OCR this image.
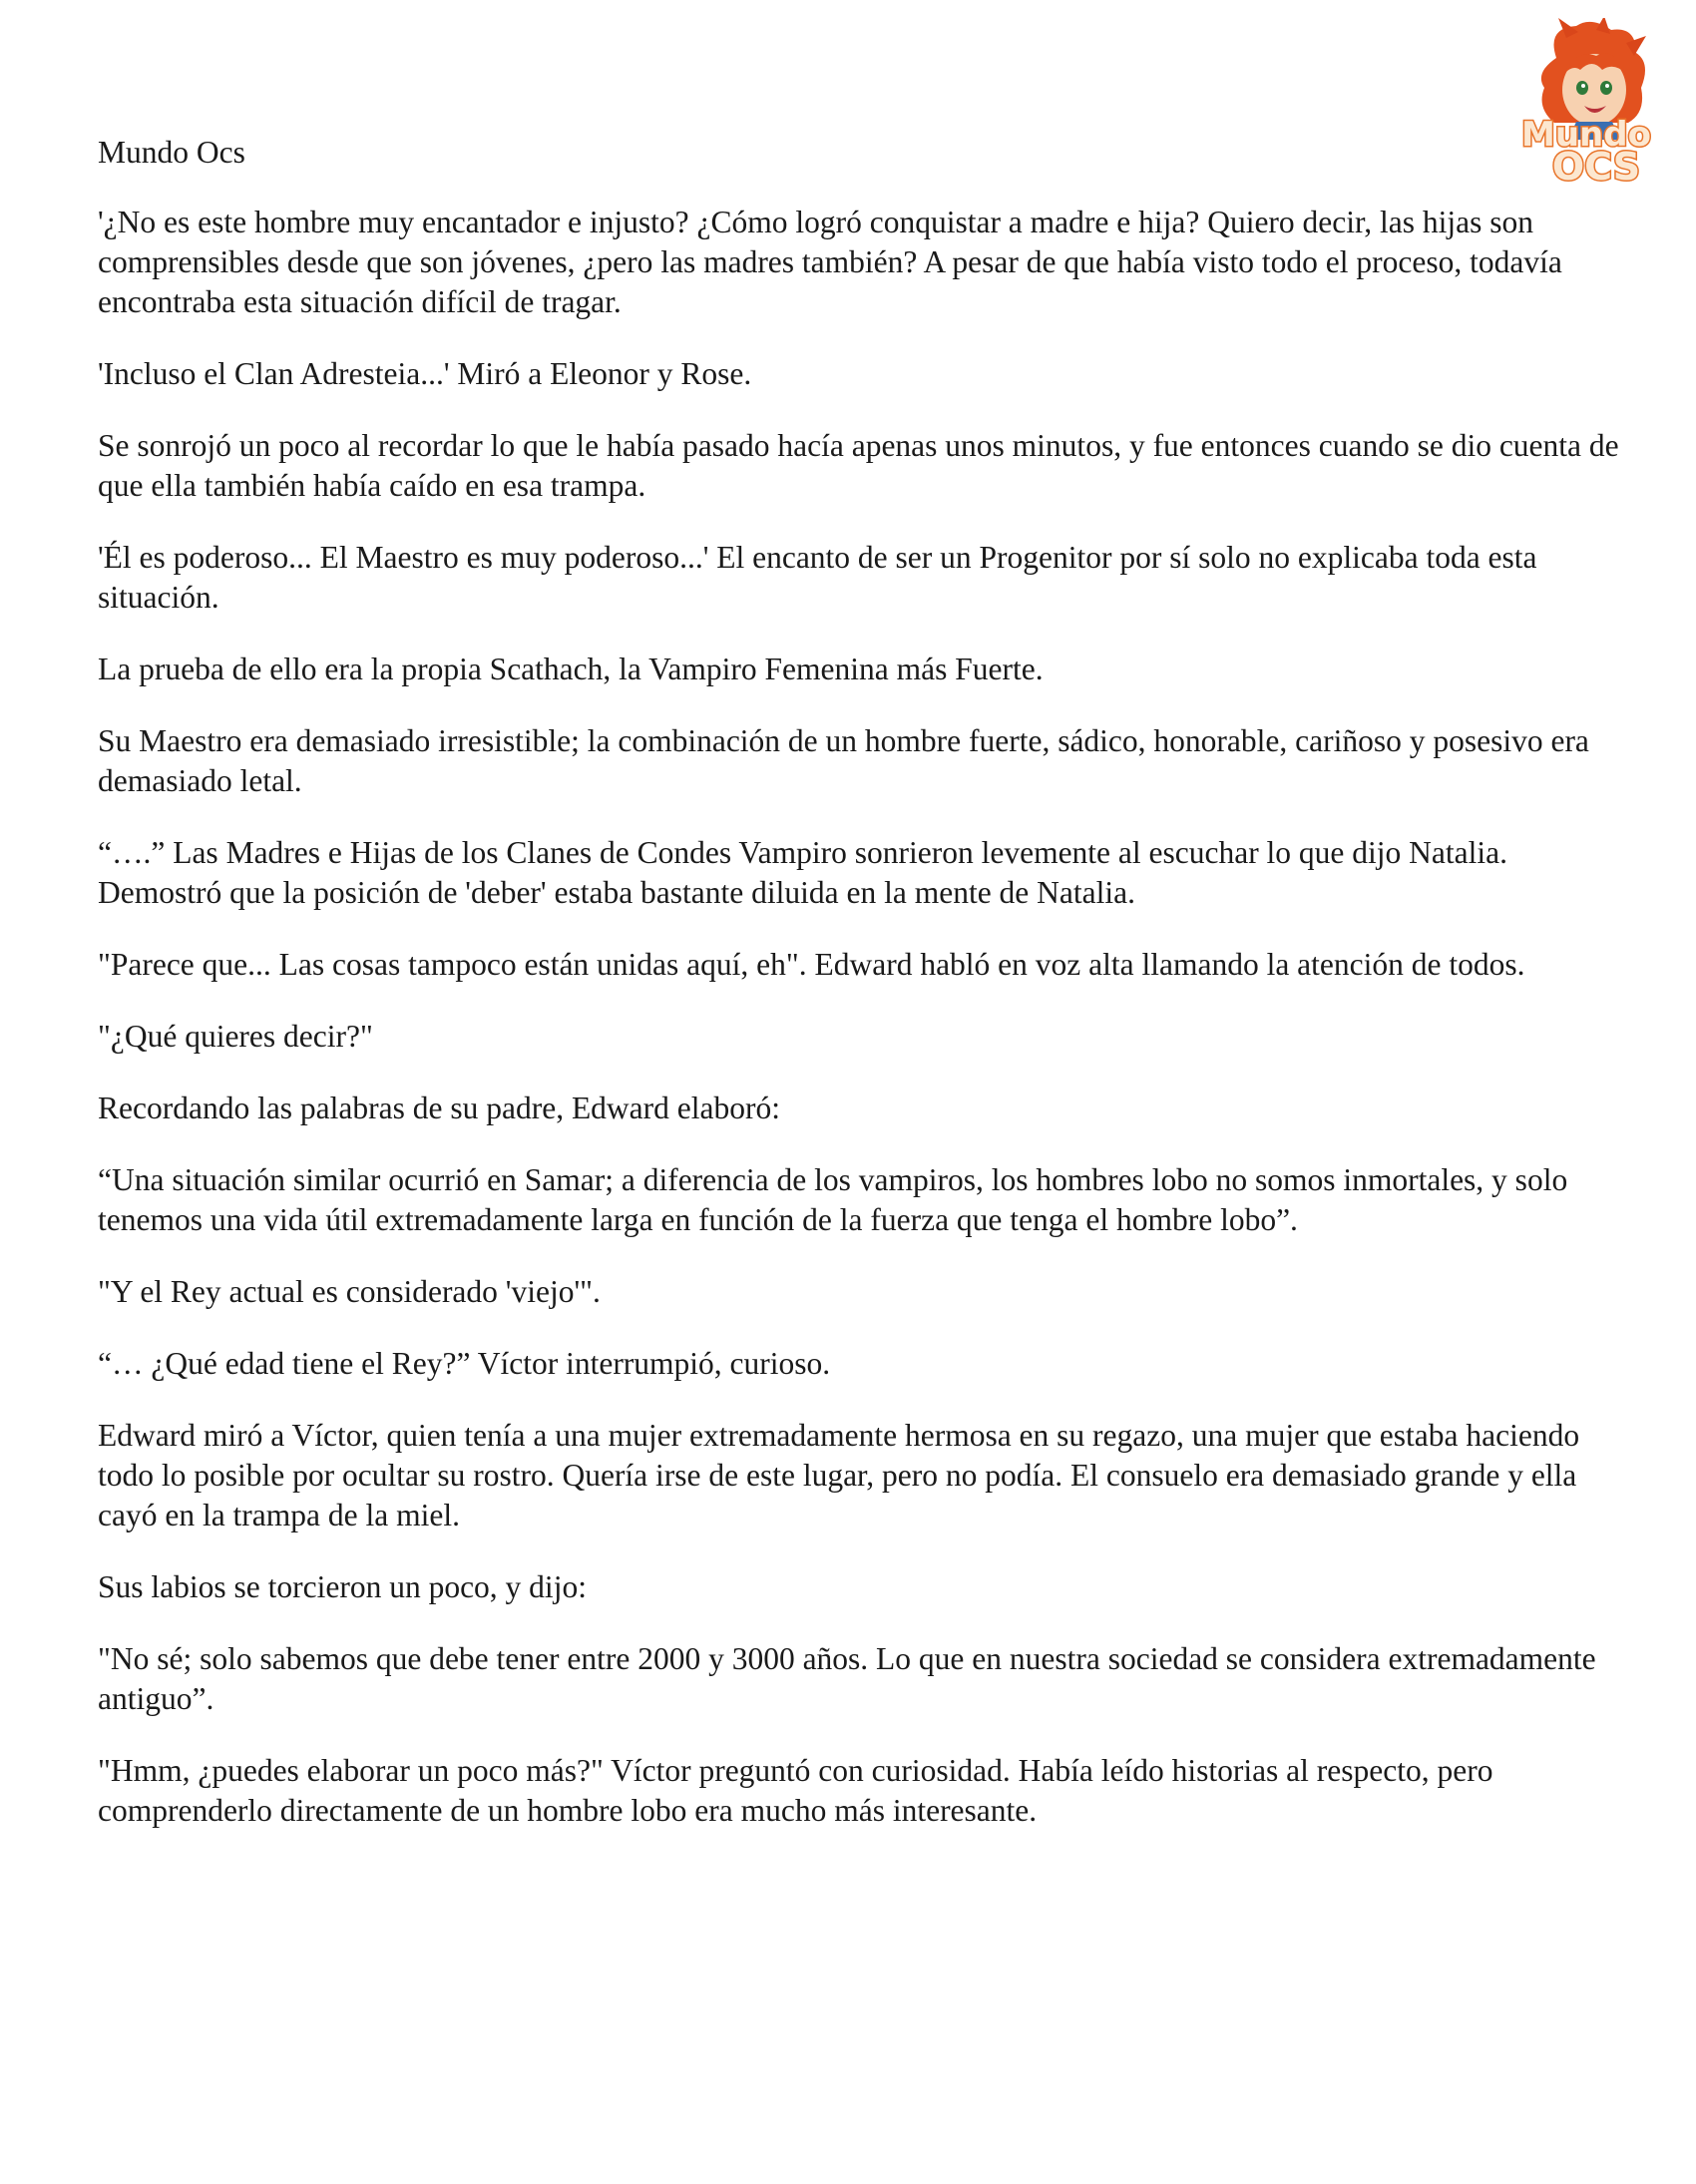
Mundo
OCS

Mundo Ocs

'¿No es este hombre muy encantador e injusto? ¿Cómo logró conquistar a madre e hija? Quiero decir, las hijas son comprensibles desde que son jóvenes, ¿pero las madres también? A pesar de que había visto todo el proceso, todavía encontraba esta situación difícil de tragar.

'Incluso el Clan Adresteia...' Miró a Eleonor y Rose.

Se sonrojó un poco al recordar lo que le había pasado hacía apenas unos minutos, y fue entonces cuando se dio cuenta de que ella también había caído en esa trampa.

'Él es poderoso... El Maestro es muy poderoso...' El encanto de ser un Progenitor por sí solo no explicaba toda esta situación.

La prueba de ello era la propia Scathach, la Vampiro Femenina más Fuerte.

Su Maestro era demasiado irresistible; la combinación de un hombre fuerte, sádico, honorable, cariñoso y posesivo era demasiado letal.

“….” Las Madres e Hijas de los Clanes de Condes Vampiro sonrieron levemente al escuchar lo que dijo Natalia. Demostró que la posición de 'deber' estaba bastante diluida en la mente de Natalia.

"Parece que... Las cosas tampoco están unidas aquí, eh". Edward habló en voz alta llamando la atención de todos.

"¿Qué quieres decir?"

Recordando las palabras de su padre, Edward elaboró:

“Una situación similar ocurrió en Samar; a diferencia de los vampiros, los hombres lobo no somos inmortales, y solo tenemos una vida útil extremadamente larga en función de la fuerza que tenga el hombre lobo”.

"Y el Rey actual es considerado 'viejo'".

“… ¿Qué edad tiene el Rey?” Víctor interrumpió, curioso.

Edward miró a Víctor, quien tenía a una mujer extremadamente hermosa en su regazo, una mujer que estaba haciendo todo lo posible por ocultar su rostro. Quería irse de este lugar, pero no podía. El consuelo era demasiado grande y ella cayó en la trampa de la miel.

Sus labios se torcieron un poco, y dijo:

"No sé; solo sabemos que debe tener entre 2000 y 3000 años. Lo que en nuestra sociedad se considera extremadamente antiguo”.

"Hmm, ¿puedes elaborar un poco más?" Víctor preguntó con curiosidad. Había leído historias al respecto, pero comprenderlo directamente de un hombre lobo era mucho más interesante.
